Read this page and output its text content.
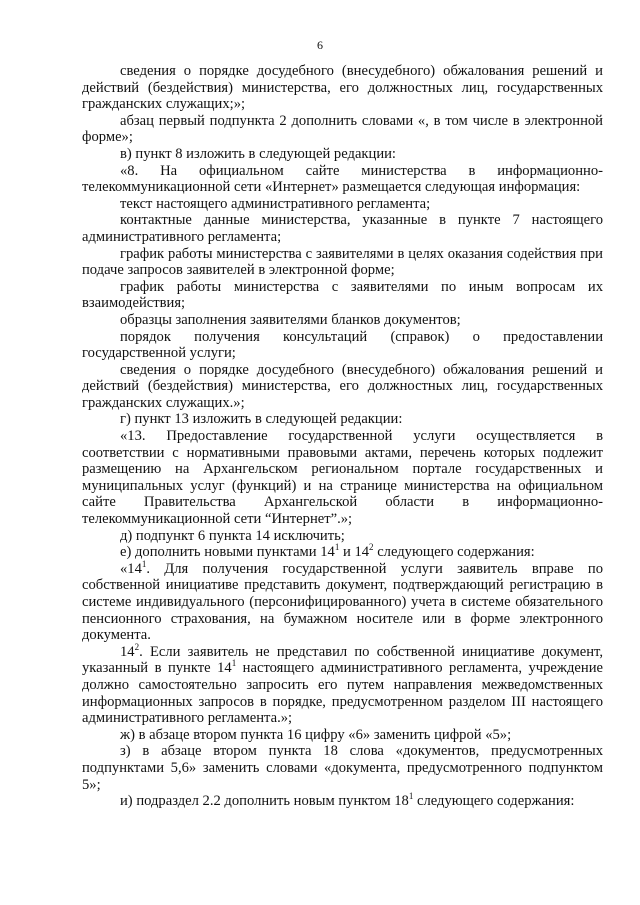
6

сведения о порядке досудебного (внесудебного) обжалования решений и действий (бездействия) министерства, его должностных лиц, государственных гражданских служащих;»;

абзац первый подпункта 2 дополнить словами «, в том числе в электронной форме»;

в) пункт 8 изложить в следующей редакции:

«8. На официальном сайте министерства в информационно-телекоммуникационной сети «Интернет» размещается следующая информация:

текст настоящего административного регламента;

контактные данные министерства, указанные в пункте 7 настоящего административного регламента;

график работы министерства с заявителями в целях оказания содействия при подаче запросов заявителей в электронной форме;

график работы министерства с заявителями по иным вопросам их взаимодействия;

образцы заполнения заявителями бланков документов;

порядок получения консультаций (справок) о предоставлении государственной услуги;

сведения о порядке досудебного (внесудебного) обжалования решений и действий (бездействия) министерства, его должностных лиц, государственных гражданских служащих.»;

г) пункт 13 изложить в следующей редакции:

«13. Предоставление государственной услуги осуществляется в соответствии с нормативными правовыми актами, перечень которых подлежит размещению на Архангельском региональном портале государственных и муниципальных услуг (функций) и на странице министерства на официальном сайте Правительства Архангельской области в информационно-телекоммуникационной сети “Интернет”.»;

д) подпункт 6 пункта 14 исключить;

е) дополнить новыми пунктами $14^1$ и $14^2$ следующего содержания:

«$14^1$. Для получения государственной услуги заявитель вправе по собственной инициативе представить документ, подтверждающий регистрацию в системе индивидуального (персонифицированного) учета в системе обязательного пенсионного страхования, на бумажном носителе или в форме электронного документа.

$14^2$. Если заявитель не представил по собственной инициативе документ, указанный в пункте $14^1$ настоящего административного регламента, учреждение должно самостоятельно запросить его путем направления межведомственных информационных запросов в порядке, предусмотренном разделом III настоящего административного регламента.»;

ж) в абзаце втором пункта 16 цифру «6» заменить цифрой «5»;

з) в абзаце втором пункта 18 слова «документов, предусмотренных подпунктами 5,6» заменить словами «документа, предусмотренного подпунктом 5»;

и) подраздел 2.2 дополнить новым пунктом $18^1$ следующего содержания:
